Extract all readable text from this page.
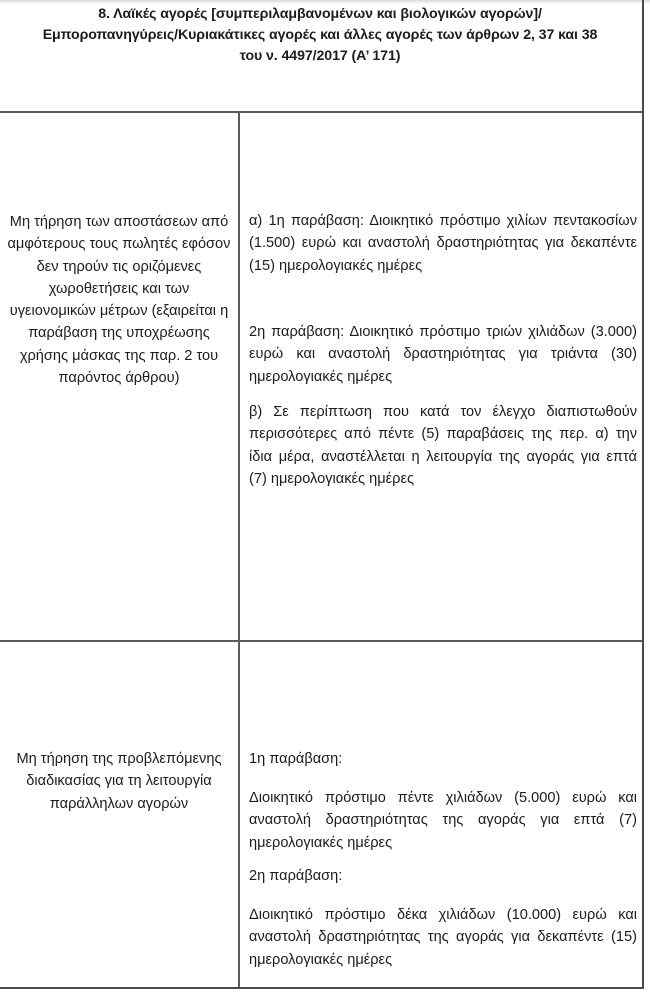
8. Λαϊκές αγορές [συμπεριλαμβανομένων και βιολογικών αγορών]/Εμποροπανηγύρεις/Κυριακάτικες αγορές και άλλες αγορές των άρθρων 2, 37 και 38 του ν. 4497/2017 (Α’ 171)
Μη τήρηση των αποστάσεων από αμφότερους τους πωλητές εφόσον δεν τηρούν τις οριζόμενες χωροθετήσεις και των υγειονομικών μέτρων (εξαιρείται η παράβαση της υποχρέωσης χρήσης μάσκας της παρ. 2 του παρόντος άρθρου)
α) 1η παράβαση: Διοικητικό πρόστιμο χιλίων πεντακοσίων (1.500) ευρώ και αναστολή δραστηριότητας για δεκαπέντε (15) ημερολογιακές ημέρες
2η παράβαση: Διοικητικό πρόστιμο τριών χιλιάδων (3.000) ευρώ και αναστολή δραστηριότητας για τριάντα (30) ημερολογιακές ημέρες
β) Σε περίπτωση που κατά τον έλεγχο διαπιστωθούν περισσότερες από πέντε (5) παραβάσεις της περ. α) την ίδια μέρα, αναστέλλεται η λειτουργία της αγοράς για επτά (7) ημερολογιακές ημέρες
Μη τήρηση της προβλεπόμενης διαδικασίας για τη λειτουργία παράλληλων αγορών
1η παράβαση:
Διοικητικό πρόστιμο πέντε χιλιάδων (5.000) ευρώ και αναστολή δραστηριότητας της αγοράς για επτά (7) ημερολογιακές ημέρες
2η παράβαση:
Διοικητικό πρόστιμο δέκα χιλιάδων (10.000) ευρώ και αναστολή δραστηριότητας της αγοράς για δεκαπέντε (15) ημερολογιακές ημέρες
